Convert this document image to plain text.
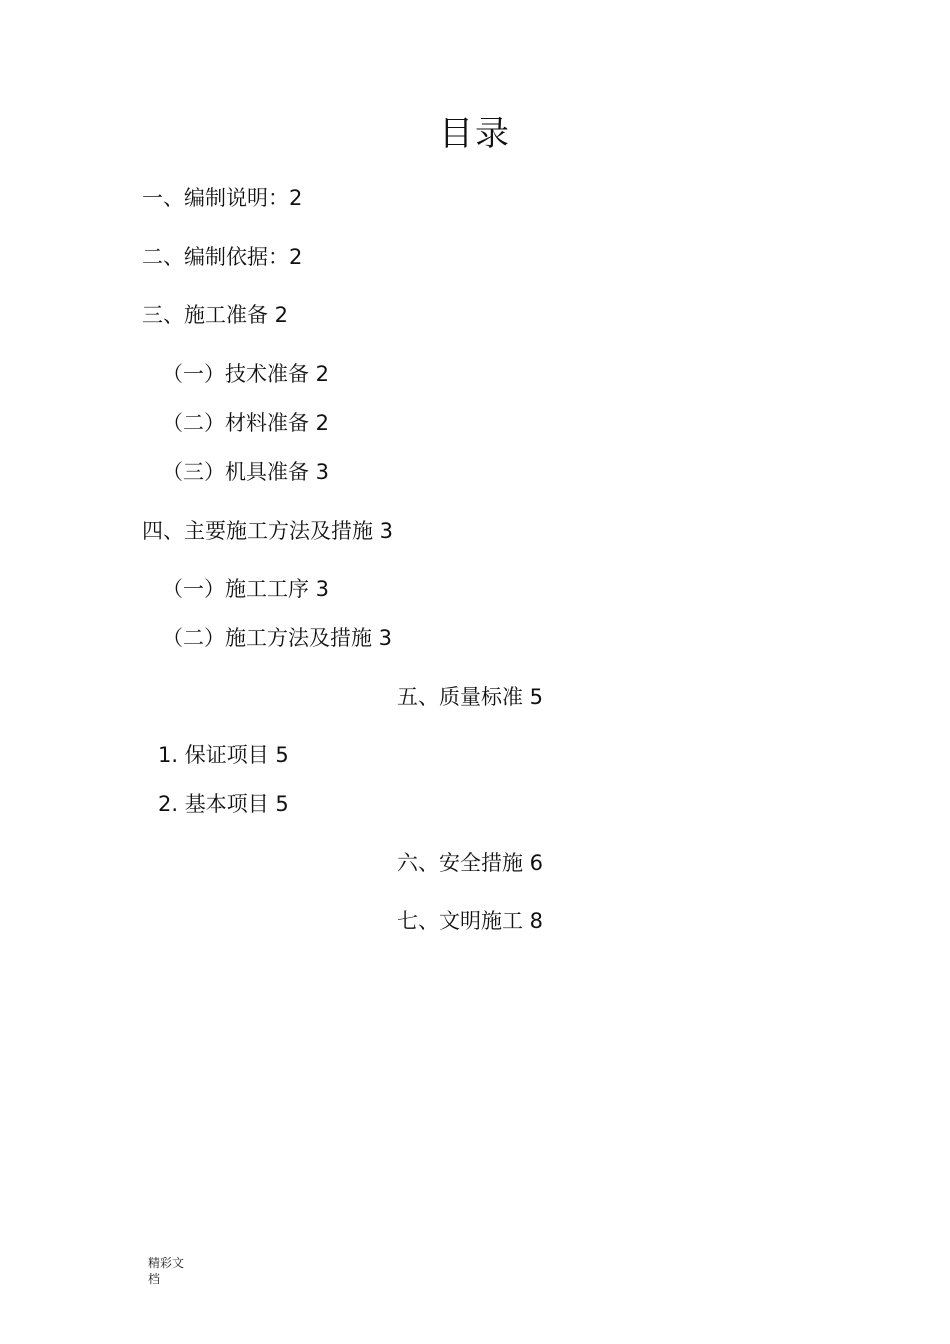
目录
一、编制说明：2
二、编制依据：2
三、施工准备 2
（一）技术准备 2
（二）材料准备 2
（三）机具准备 3
四、主要施工方法及措施 3
（一）施工工序 3
（二）施工方法及措施 3
五、质量标准 5
1. 保证项目 5
2. 基本项目 5
六、安全措施 6
七、文明施工 8
精彩文
档
